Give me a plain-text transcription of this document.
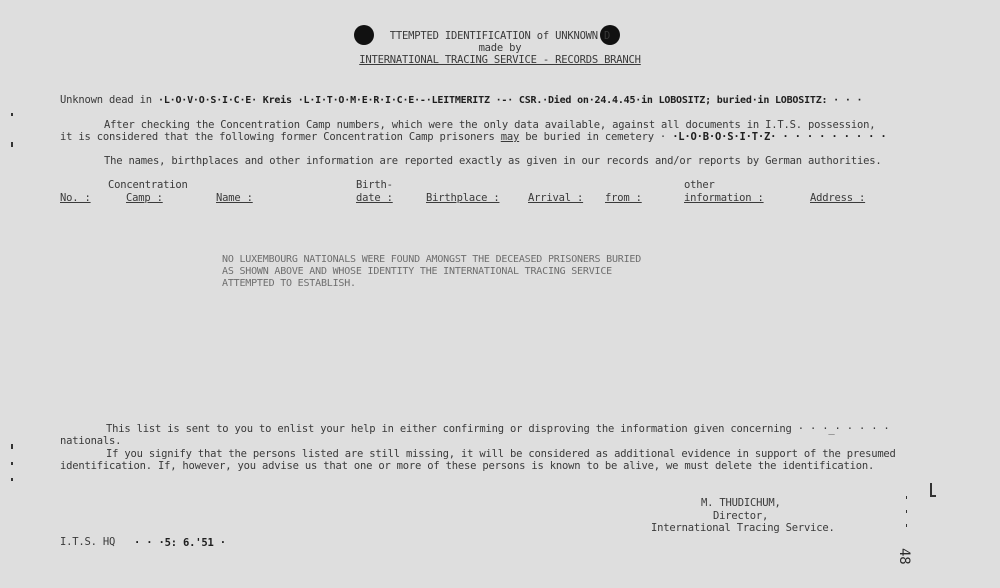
TTEMPTED IDENTIFICATION of UNKNOWN D
made by
INTERNATIONAL TRACING SERVICE - RECORDS BRANCH
Unknown dead in ·L·O·V·O·S·I·C·E· Kreis ·L·I·T·O·M·E·R·I·C·E·-·LEITMERITZ ·-· CSR.·Died on·24.4.45·in LOBOSITZ; buried·in LOBOSITZ: · · ·
After checking the Concentration Camp numbers, which were the only data available, against all documents in I.T.S. possession,
it is considered that the following former Concentration Camp prisoners may be buried in cemetery · ·L·O·B·O·S·I·T·Z· · · · · · · · · ·
The names, birthplaces and other information are reported exactly as given in our records and/or reports by German authorities.
Concentration	Birth-	other
No. :	Camp :	Name :	date :	Birthplace :	Arrival : from :	information :	Address :
NO LUXEMBOURG NATIONALS WERE FOUND AMONGST THE DECEASED PRISONERS BURIED
AS SHOWN ABOVE AND WHOSE IDENTITY THE INTERNATIONAL TRACING SERVICE
ATTEMPTED TO ESTABLISH.
This list is sent to you to enlist your help in either confirming or disproving the information given concerning · · ·_· · · · ·
nationals.
If you signify that the persons listed are still missing, it will be considered as additional evidence in support of the presumed
identification. If, however, you advise us that one or more of these persons is known to be alive, we must delete the identification.
M. THUDICHUM,
Director,
International Tracing Service.
I.T.S. HQ · · ·5: 6.'51 ·
48
